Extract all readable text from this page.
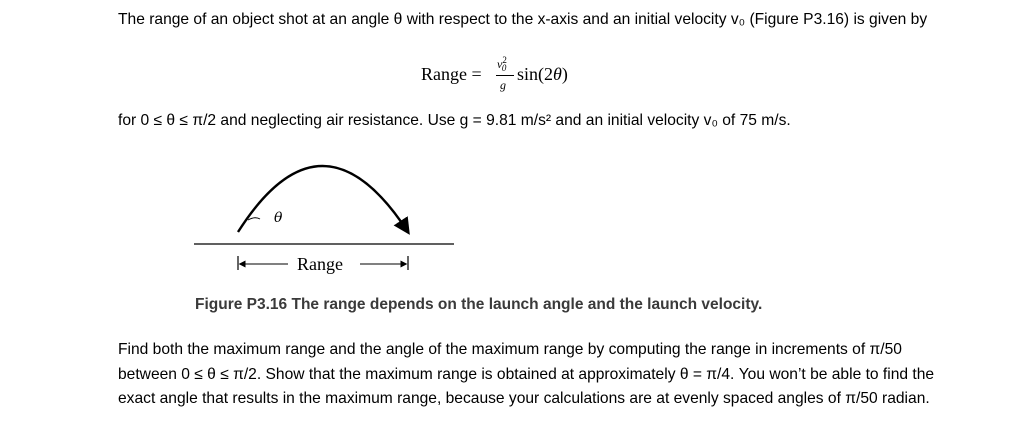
The range of an object shot at an angle θ with respect to the x-axis and an initial velocity v₀ (Figure P3.16) is given by
Range = $v^2_0$
g
sin(2θ)
for 0 ≤ θ ≤ π/2 and neglecting air resistance. Use g = 9.81 m/s² and an initial velocity v₀ of 75 m/s.
θ
Range
Figure P3.16 The range depends on the launch angle and the launch velocity.
Find both the maximum range and the angle of the maximum range by computing the range in increments of π/50 between 0 ≤ θ ≤ π/2. Show that the maximum range is obtained at approximately θ = π/4. You won’t be able to find the exact angle that results in the maximum range, because your calculations are at evenly spaced angles of π/50 radian.
